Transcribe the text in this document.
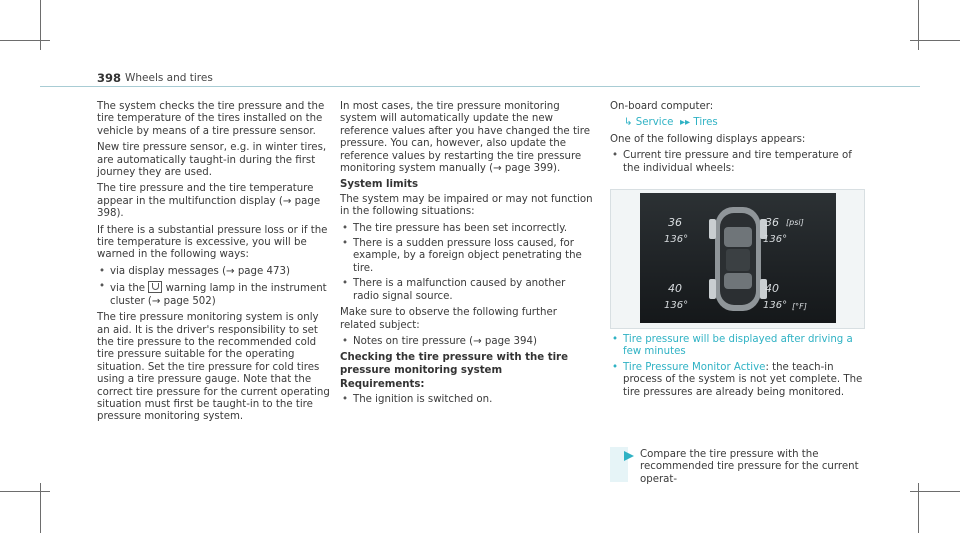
398 Wheels and tires

The system checks the tire pressure and the tire temperature of the tires installed on the vehicle by means of a tire pressure sensor.

New tire pressure sensor, e.g. in winter tires, are automatically taught-in during the first journey they are used.

The tire pressure and the tire temperature appear in the multifunction display (→ page 398).

If there is a substantial pressure loss or if the tire temperature is excessive, you will be warned in the following ways:

• via display messages (→ page 473)
• via the warning lamp in the instrument cluster (→ page 502)

The tire pressure monitoring system is only an aid. It is the driver's responsibility to set the tire pressure to the recommended cold tire pressure suitable for the operating situation. Set the tire pressure for cold tires using a tire pressure gauge. Note that the correct tire pressure for the current operating situation must first be taught-in to the tire pressure monitoring system.

In most cases, the tire pressure monitoring system will automatically update the new reference values after you have changed the tire pressure. You can, however, also update the reference values by restarting the tire pressure monitoring system manually (→ page 399).

System limits

The system may be impaired or may not function in the following situations:

• The tire pressure has been set incorrectly.
• There is a sudden pressure loss caused, for example, by a foreign object penetrating the tire.
• There is a malfunction caused by another radio signal source.

Make sure to observe the following further related subject:

• Notes on tire pressure (→ page 394)
Checking the tire pressure with the tire pressure monitoring system
Requirements:
• The ignition is switched on.

On-board computer:

↳ Service  ▸▸ Tires

One of the following displays appears:

• Current tire pressure and tire temperature of the individual wheels:
36	36 [psi]
136°	136°
40	40
136°	136° [°F]
• Tire pressure will be displayed after driving a few minutes
• Tire Pressure Monitor Active: the teach-in process of the system is not yet complete. The tire pressures are already being monitored.
Compare the tire pressure with the recommended tire pressure for the current operat-
